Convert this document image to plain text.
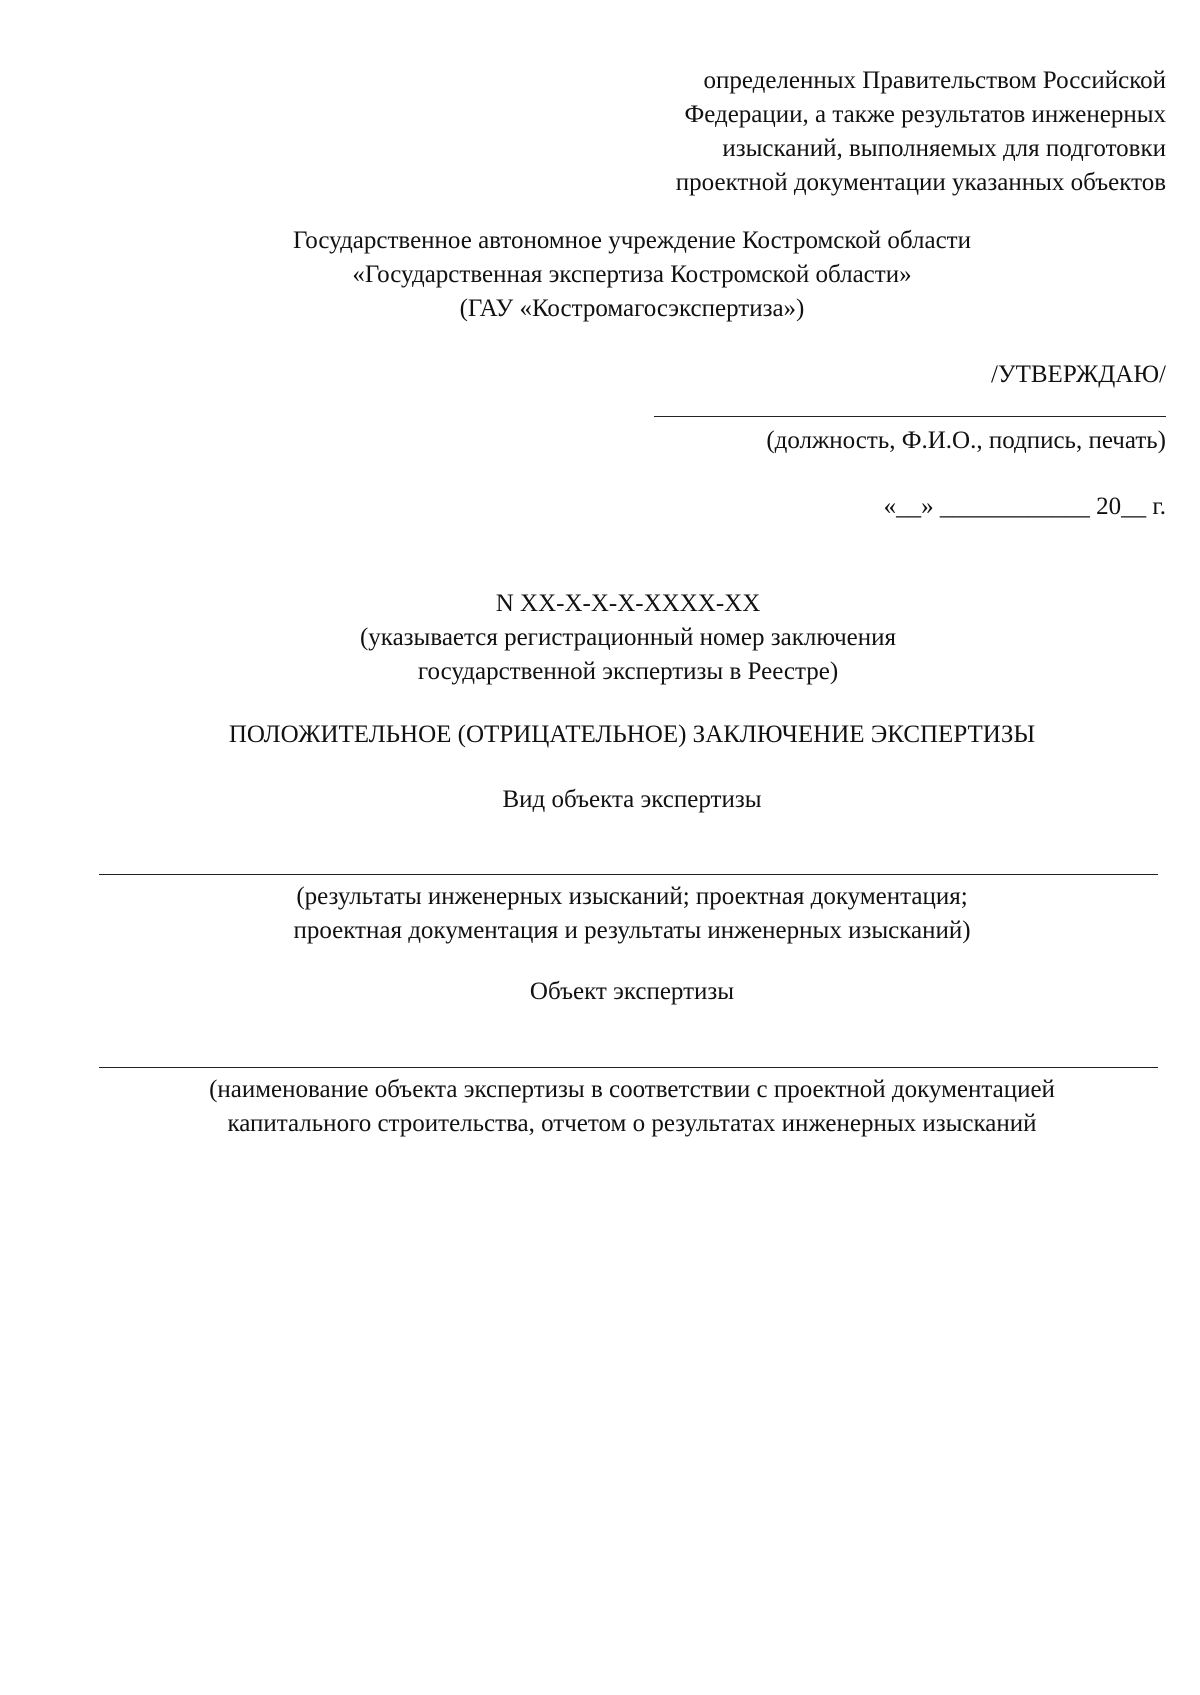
определенных Правительством Российской
Федерации, а также результатов инженерных
изысканий, выполняемых для подготовки
проектной документации указанных объектов
Государственное автономное учреждение Костромской области
«Государственная экспертиза Костромской области»
(ГАУ «Костромагосэкспертиза»)
/УТВЕРЖДАЮ/
(должность, Ф.И.О., подпись, печать)
«__» ____________ 20__ г.
N XX-X-X-X-XXXX-XX
(указывается регистрационный номер заключения
государственной экспертизы в Реестре)
ПОЛОЖИТЕЛЬНОЕ (ОТРИЦАТЕЛЬНОЕ) ЗАКЛЮЧЕНИЕ ЭКСПЕРТИЗЫ
Вид объекта экспертизы
(результаты инженерных изысканий; проектная документация;
проектная документация и результаты инженерных изысканий)
Объект экспертизы
(наименование объекта экспертизы в соответствии с проектной документацией
капитального строительства, отчетом о результатах инженерных изысканий
